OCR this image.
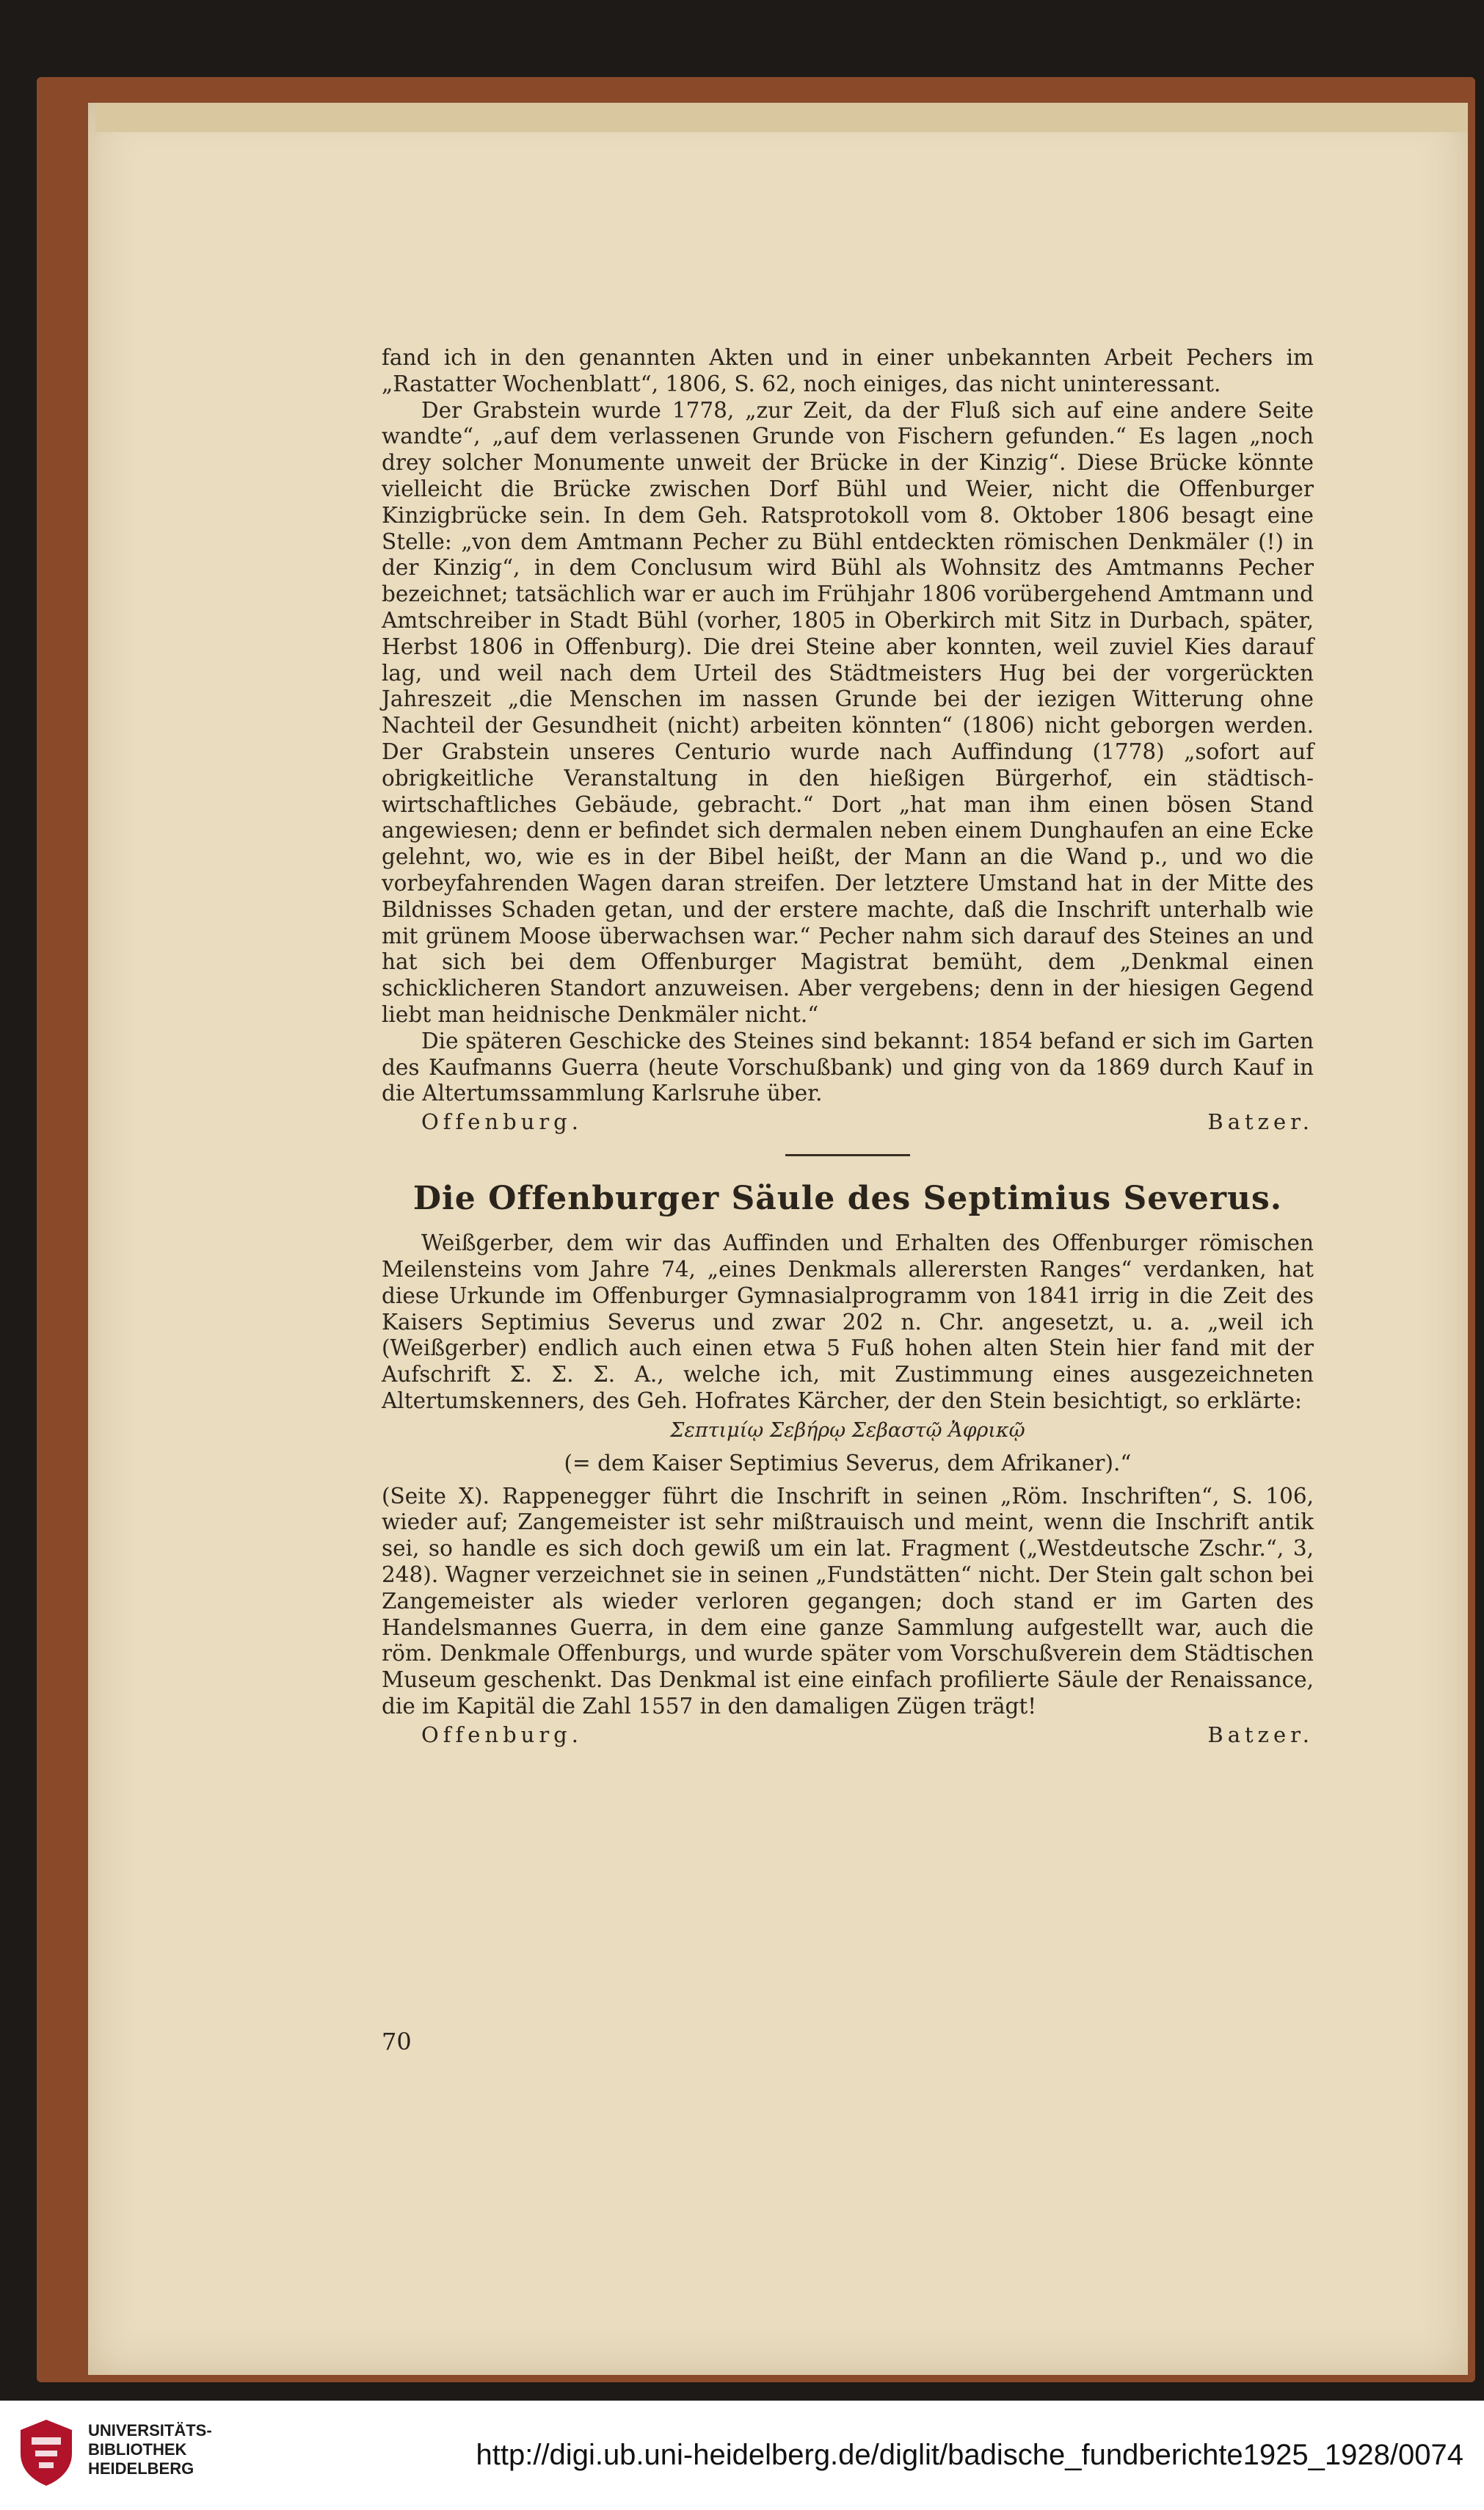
fand ich in den genannten Akten und in einer unbekannten Arbeit Pechers im „Rastatter Wochenblatt“, 1806, S. 62, noch einiges, das nicht uninteressant.

Der Grabstein wurde 1778, „zur Zeit, da der Fluß sich auf eine andere Seite wandte“, „auf dem verlassenen Grunde von Fischern gefunden.“ Es lagen „noch drey solcher Monumente unweit der Brücke in der Kinzig“. Diese Brücke könnte vielleicht die Brücke zwischen Dorf Bühl und Weier, nicht die Offenburger Kinzigbrücke sein. In dem Geh. Ratsprotokoll vom 8. Oktober 1806 besagt eine Stelle: „von dem Amtmann Pecher zu Bühl entdeckten römischen Denkmäler (!) in der Kinzig“, in dem Conclusum wird Bühl als Wohnsitz des Amtmanns Pecher bezeichnet; tatsächlich war er auch im Frühjahr 1806 vorübergehend Amtmann und Amtschreiber in Stadt Bühl (vorher, 1805 in Oberkirch mit Sitz in Durbach, später, Herbst 1806 in Offenburg). Die drei Steine aber konnten, weil zuviel Kies darauf lag, und weil nach dem Urteil des Städtmeisters Hug bei der vorgerückten Jahreszeit „die Menschen im nassen Grunde bei der iezigen Witterung ohne Nachteil der Gesundheit (nicht) arbeiten könnten“ (1806) nicht geborgen werden. Der Grabstein unseres Centurio wurde nach Auffindung (1778) „sofort auf obrigkeitliche Veranstaltung in den hießigen Bürgerhof, ein städtisch-wirtschaftliches Gebäude, gebracht.“ Dort „hat man ihm einen bösen Stand angewiesen; denn er befindet sich dermalen neben einem Dunghaufen an eine Ecke gelehnt, wo, wie es in der Bibel heißt, der Mann an die Wand p., und wo die vorbeyfahrenden Wagen daran streifen. Der letztere Umstand hat in der Mitte des Bildnisses Schaden getan, und der erstere machte, daß die Inschrift unterhalb wie mit grünem Moose überwachsen war.“ Pecher nahm sich darauf des Steines an und hat sich bei dem Offenburger Magistrat bemüht, dem „Denkmal einen schicklicheren Standort anzuweisen. Aber vergebens; denn in der hiesigen Gegend liebt man heidnische Denkmäler nicht.“

Die späteren Geschicke des Steines sind bekannt: 1854 befand er sich im Garten des Kaufmanns Guerra (heute Vorschußbank) und ging von da 1869 durch Kauf in die Altertumssammlung Karlsruhe über.

Offenburg.	Batzer.
Die Offenburger Säule des Septimius Severus.

Weißgerber, dem wir das Auffinden und Erhalten des Offenburger römischen Meilensteins vom Jahre 74, „eines Denkmals allerersten Ranges“ verdanken, hat diese Urkunde im Offenburger Gymnasialprogramm von 1841 irrig in die Zeit des Kaisers Septimius Severus und zwar 202 n. Chr. angesetzt, u. a. „weil ich (Weißgerber) endlich auch einen etwa 5 Fuß hohen alten Stein hier fand mit der Aufschrift Σ. Σ. Σ. Α., welche ich, mit Zustimmung eines ausgezeichneten Altertumskenners, des Geh. Hofrates Kärcher, der den Stein besichtigt, so erklärte:

Σεπτιμίῳ Σεβήρῳ Σεβαστῷ Ἀφρικῷ

(= dem Kaiser Septimius Severus, dem Afrikaner).“

(Seite X). Rappenegger führt die Inschrift in seinen „Röm. Inschriften“, S. 106, wieder auf; Zangemeister ist sehr mißtrauisch und meint, wenn die Inschrift antik sei, so handle es sich doch gewiß um ein lat. Fragment („Westdeutsche Zschr.“, 3, 248). Wagner verzeichnet sie in seinen „Fundstätten“ nicht. Der Stein galt schon bei Zangemeister als wieder verloren gegangen; doch stand er im Garten des Handelsmannes Guerra, in dem eine ganze Sammlung aufgestellt war, auch die röm. Denkmale Offenburgs, und wurde später vom Vorschußverein dem Städtischen Museum geschenkt. Das Denkmal ist eine einfach profilierte Säule der Renaissance, die im Kapitäl die Zahl 1557 in den damaligen Zügen trägt!

Offenburg.	Batzer.
70
UNIVERSITÄTS-
BIBLIOTHEK
HEIDELBERG	http://digi.ub.uni-heidelberg.de/diglit/badische_fundberichte1925_1928/0074
